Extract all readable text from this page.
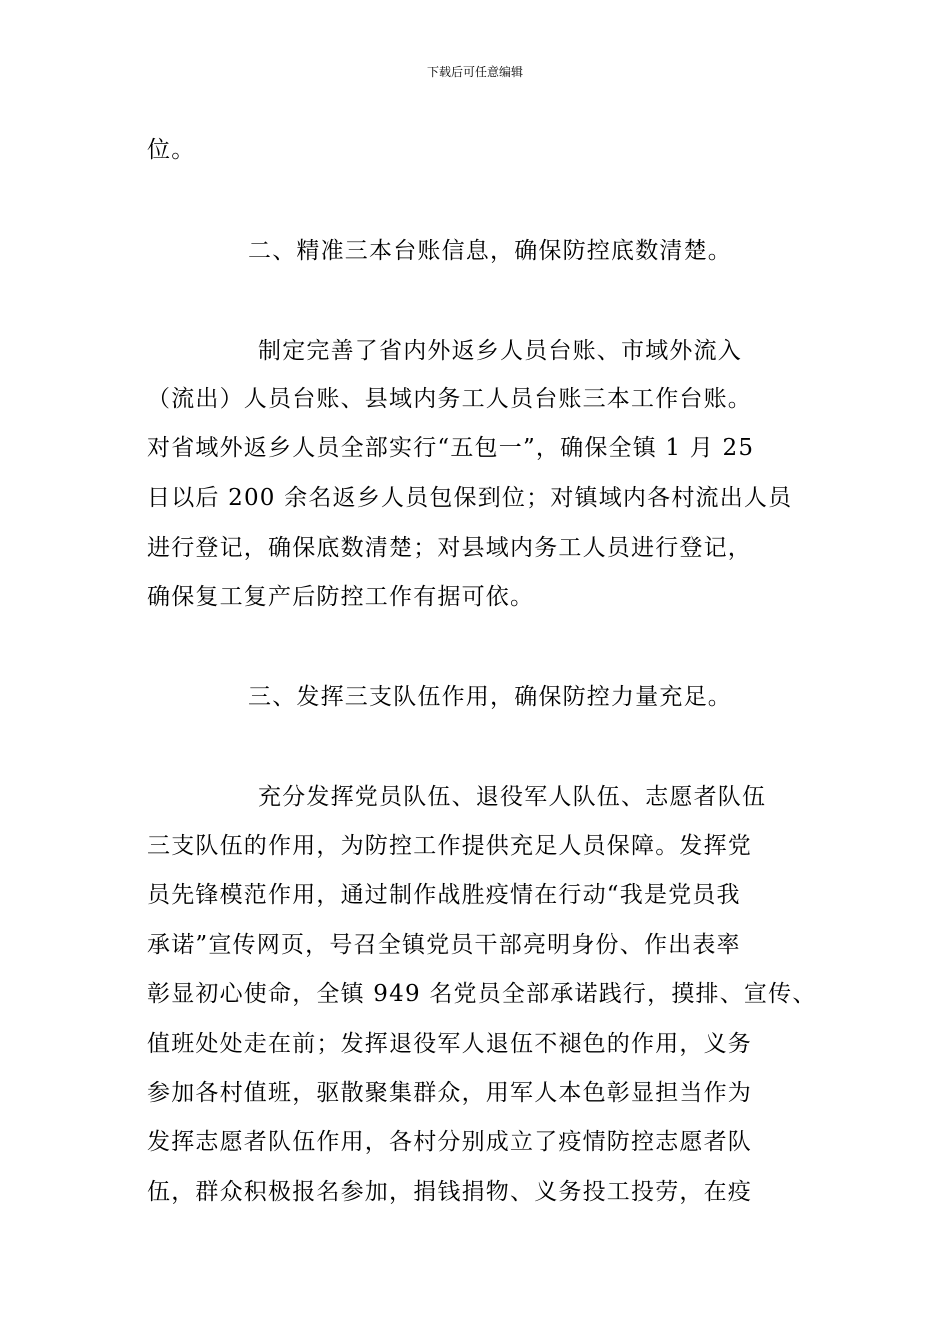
下载后可任意编辑
位。
二、精准三本台账信息，确保防控底数清楚。
制定完善了省内外返乡人员台账、市域外流入
（流出）人员台账、县域内务工人员台账三本工作台账。
对省域外返乡人员全部实行“五包一”，确保全镇 1 月 25
日以后 200 余名返乡人员包保到位；对镇域内各村流出人员
进行登记，确保底数清楚；对县域内务工人员进行登记，
确保复工复产后防控工作有据可依。
三、发挥三支队伍作用，确保防控力量充足。
充分发挥党员队伍、退役军人队伍、志愿者队伍
三支队伍的作用，为防控工作提供充足人员保障。发挥党
员先锋模范作用，通过制作战胜疫情在行动“我是党员我
承诺”宣传网页，号召全镇党员干部亮明身份、作出表率
彰显初心使命，全镇 949 名党员全部承诺践行，摸排、宣传、
值班处处走在前；发挥退役军人退伍不褪色的作用，义务
参加各村值班，驱散聚集群众，用军人本色彰显担当作为
发挥志愿者队伍作用，各村分别成立了疫情防控志愿者队
伍，群众积极报名参加，捐钱捐物、义务投工投劳，在疫
